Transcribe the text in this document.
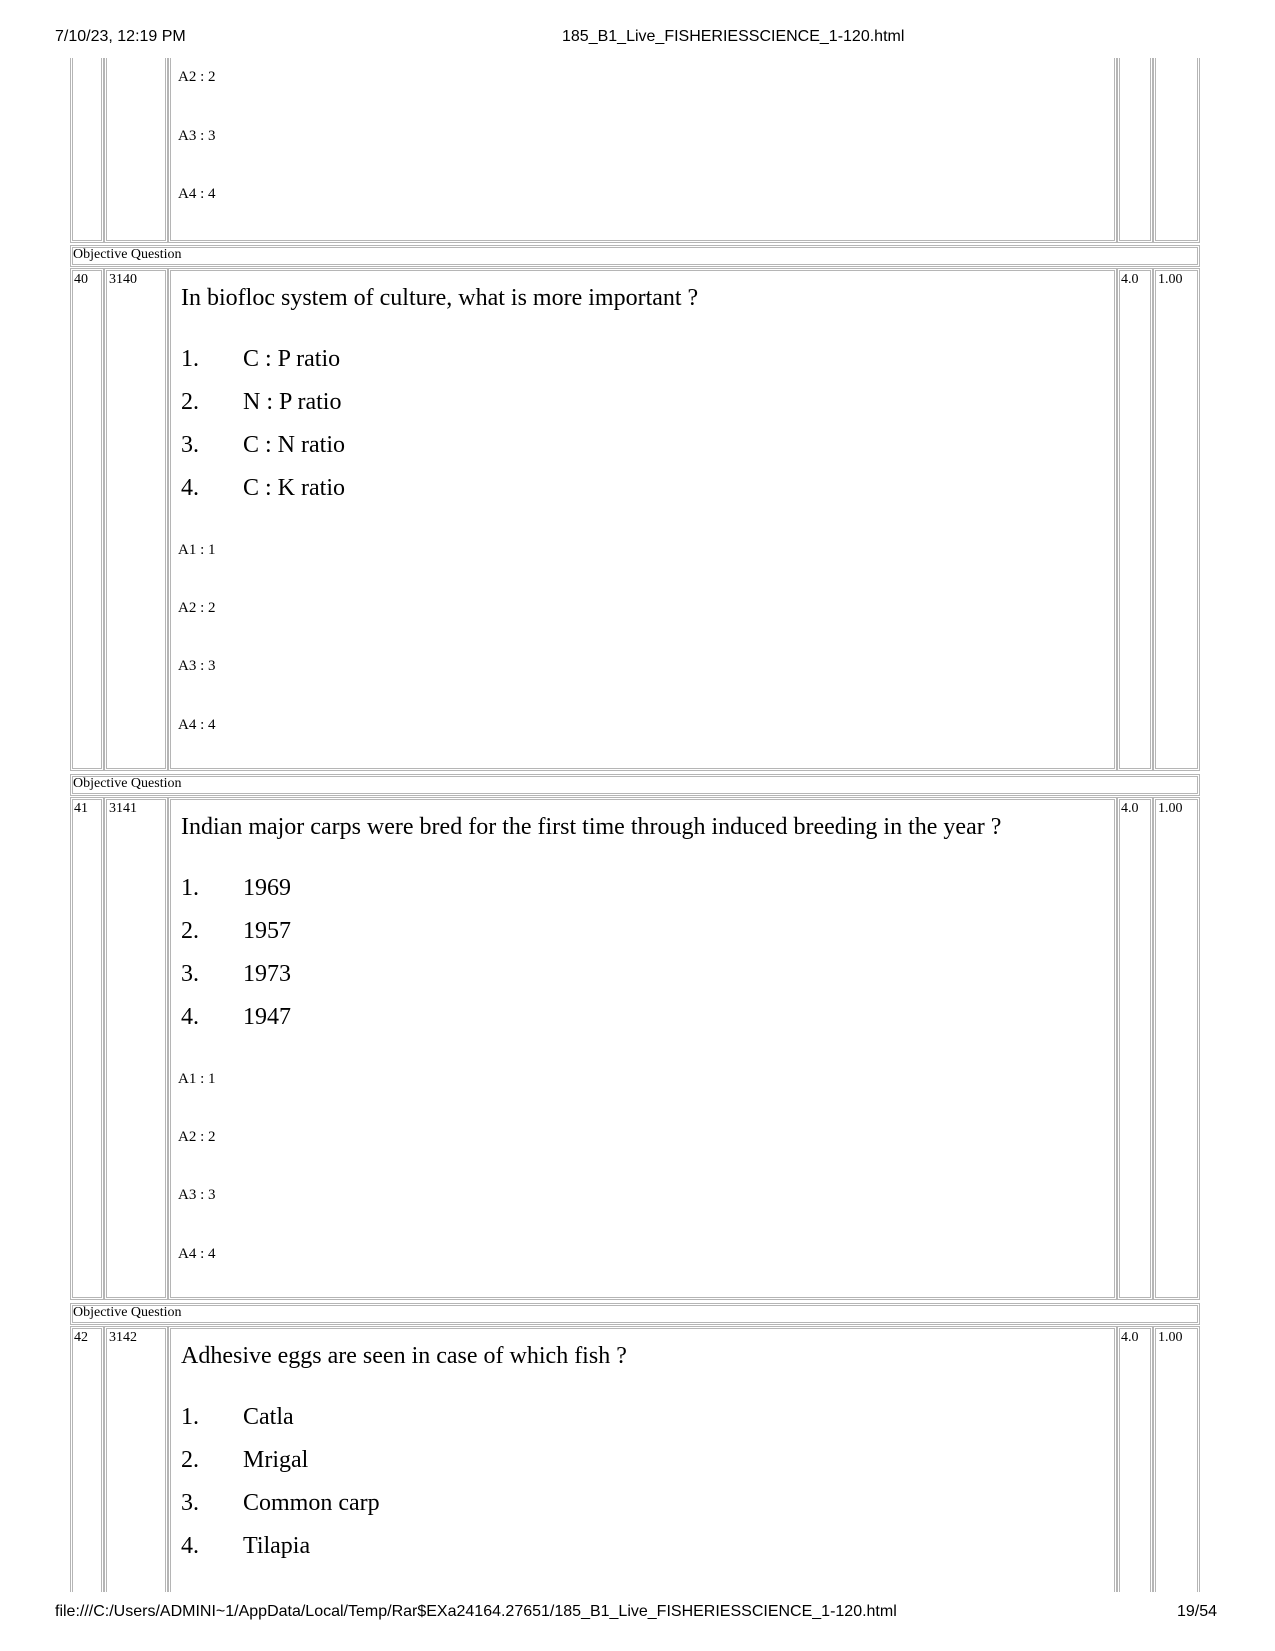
7/10/23, 12:19 PM	185_B1_Live_FISHERIESSCIENCE_1-120.html
A2 : 2
A3 : 3
A4 : 4
Objective Question
40 3140	4.0 1.00
In biofloc system of culture, what is more important ?
1. C : P ratio
2. N : P ratio
3. C : N ratio
4. C : K ratio
A1 : 1
A2 : 2
A3 : 3
A4 : 4
Objective Question
41 3141	4.0 1.00
Indian major carps were bred for the first time through induced breeding in the year ?
1. 1969
2. 1957
3. 1973
4. 1947
A1 : 1
A2 : 2
A3 : 3
A4 : 4
Objective Question
42 3142	4.0 1.00
Adhesive eggs are seen in case of which fish ?
1. Catla
2. Mrigal
3. Common carp
4. Tilapia
file:///C:/Users/ADMINI~1/AppData/Local/Temp/Rar$EXa24164.27651/185_B1_Live_FISHERIESSCIENCE_1-120.html	19/54
